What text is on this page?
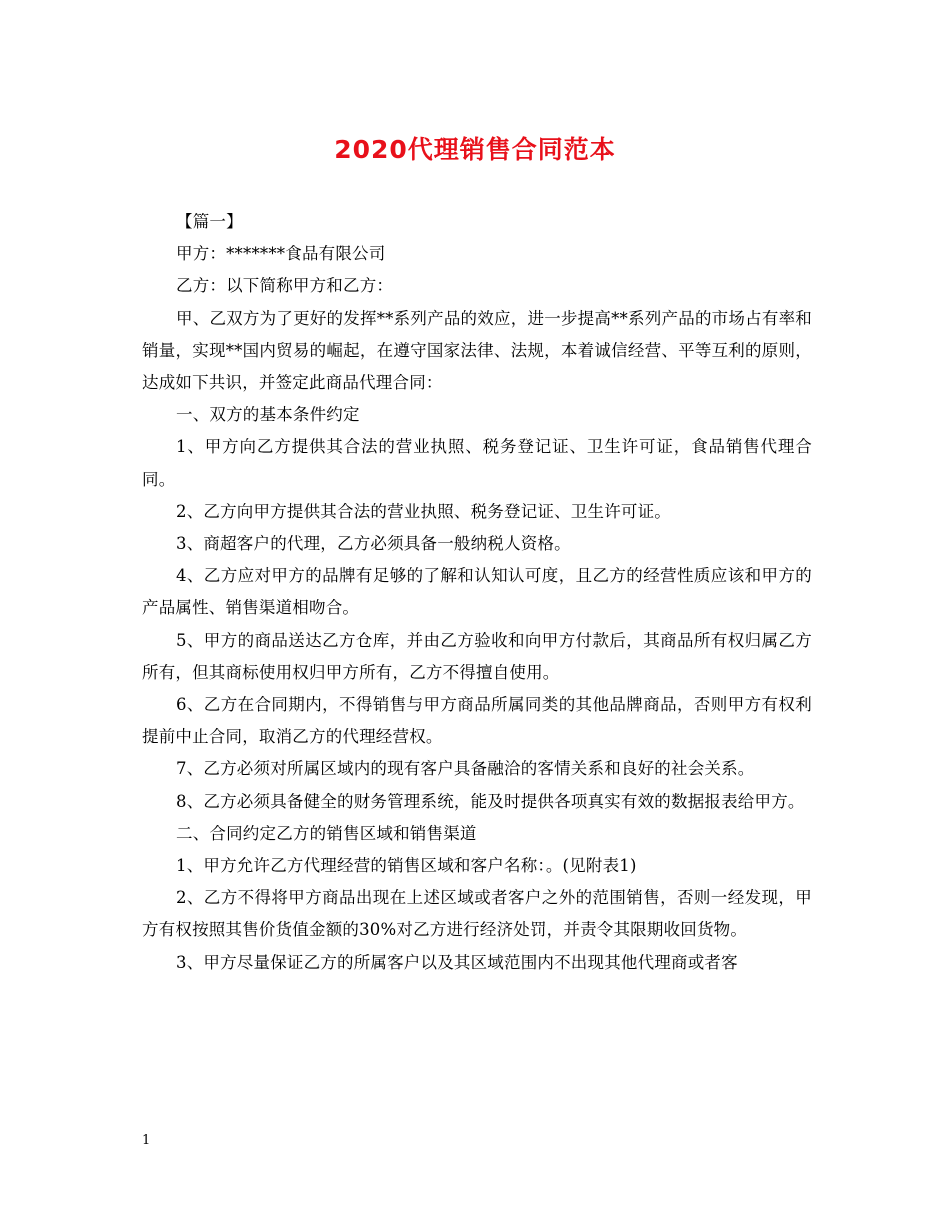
2020代理销售合同范本

【篇一】

甲方：*******食品有限公司

乙方：以下简称甲方和乙方：

甲、乙双方为了更好的发挥**系列产品的效应，进一步提高**系列产品的市场占有率和销量，实现**国内贸易的崛起，在遵守国家法律、法规，本着诚信经营、平等互利的原则，达成如下共识，并签定此商品代理合同：

一、双方的基本条件约定

1、甲方向乙方提供其合法的营业执照、税务登记证、卫生许可证，食品销售代理合同。

2、乙方向甲方提供其合法的营业执照、税务登记证、卫生许可证。

3、商超客户的代理，乙方必须具备一般纳税人资格。

4、乙方应对甲方的品牌有足够的了解和认知认可度，且乙方的经营性质应该和甲方的产品属性、销售渠道相吻合。

5、甲方的商品送达乙方仓库，并由乙方验收和向甲方付款后，其商品所有权归属乙方所有，但其商标使用权归甲方所有，乙方不得擅自使用。

6、乙方在合同期内，不得销售与甲方商品所属同类的其他品牌商品，否则甲方有权利提前中止合同，取消乙方的代理经营权。

7、乙方必须对所属区域内的现有客户具备融洽的客情关系和良好的社会关系。

8、乙方必须具备健全的财务管理系统，能及时提供各项真实有效的数据报表给甲方。

二、合同约定乙方的销售区域和销售渠道

1、甲方允许乙方代理经营的销售区域和客户名称：。(见附表1)

2、乙方不得将甲方商品出现在上述区域或者客户之外的范围销售，否则一经发现，甲方有权按照其售价货值金额的30%对乙方进行经济处罚，并责令其限期收回货物。

3、甲方尽量保证乙方的所属客户以及其区域范围内不出现其他代理商或者客

1
